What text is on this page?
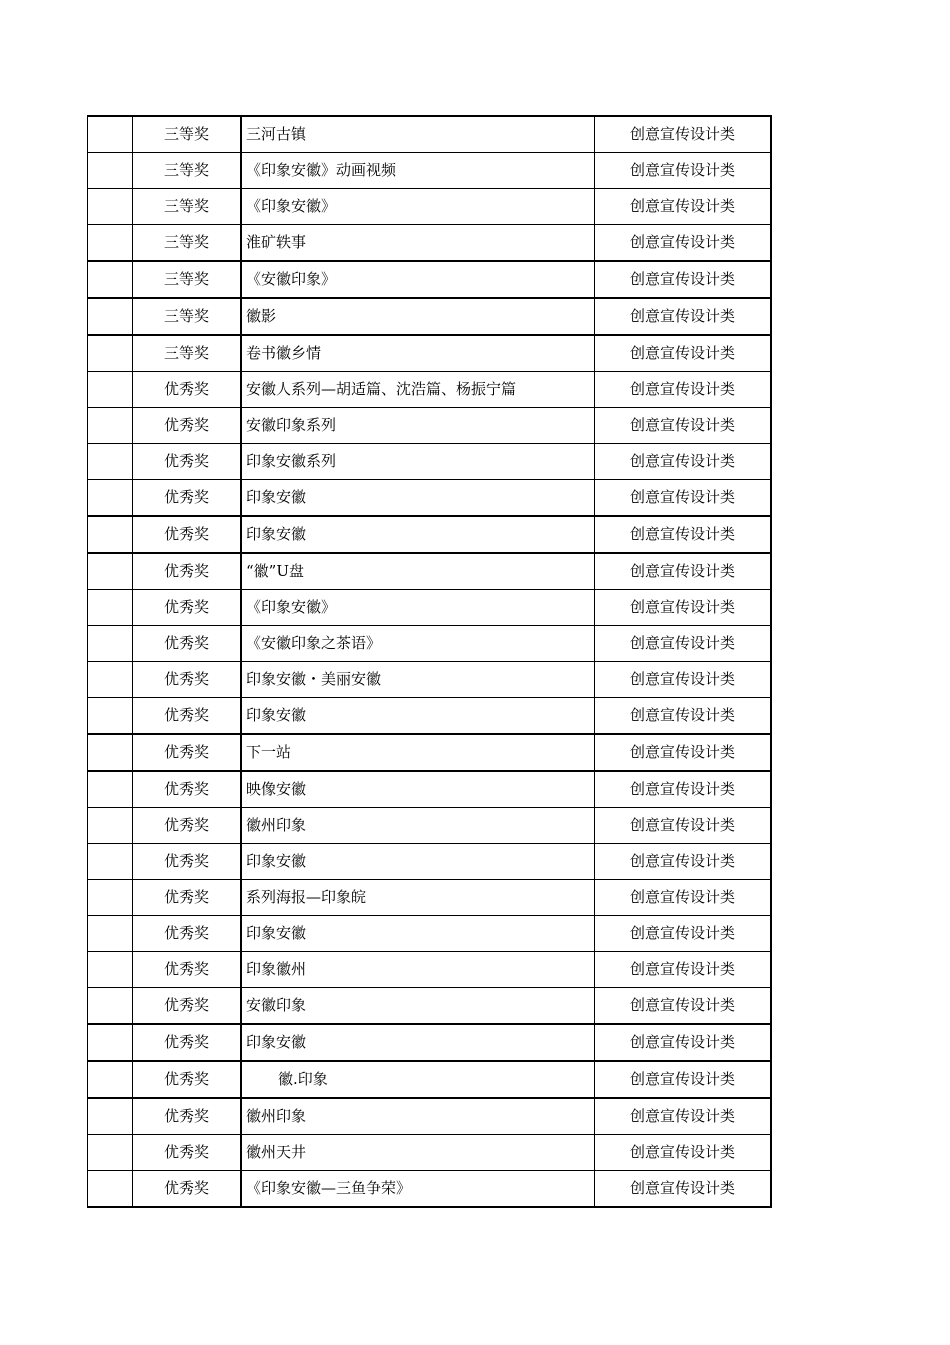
	三等奖	三河古镇	创意宣传设计类
	三等奖	《印象安徽》动画视频	创意宣传设计类
	三等奖	《印象安徽》	创意宣传设计类
	三等奖	淮矿轶事	创意宣传设计类
	三等奖	《安徽印象》	创意宣传设计类
	三等奖	徽影	创意宣传设计类
	三等奖	卷书徽乡情	创意宣传设计类
	优秀奖	安徽人系列—胡适篇、沈浩篇、杨振宁篇	创意宣传设计类
	优秀奖	安徽印象系列	创意宣传设计类
	优秀奖	印象安徽系列	创意宣传设计类
	优秀奖	印象安徽	创意宣传设计类
	优秀奖	印象安徽	创意宣传设计类
	优秀奖	“徽”U盘	创意宣传设计类
	优秀奖	《印象安徽》	创意宣传设计类
	优秀奖	《安徽印象之茶语》	创意宣传设计类
	优秀奖	印象安徽・美丽安徽	创意宣传设计类
	优秀奖	印象安徽	创意宣传设计类
	优秀奖	下一站	创意宣传设计类
	优秀奖	映像安徽	创意宣传设计类
	优秀奖	徽州印象	创意宣传设计类
	优秀奖	印象安徽	创意宣传设计类
	优秀奖	系列海报—印象皖	创意宣传设计类
	优秀奖	印象安徽	创意宣传设计类
	优秀奖	印象徽州	创意宣传设计类
	优秀奖	安徽印象	创意宣传设计类
	优秀奖	印象安徽	创意宣传设计类
	优秀奖	徽.印象	创意宣传设计类
	优秀奖	徽州印象	创意宣传设计类
	优秀奖	徽州天井	创意宣传设计类
	优秀奖	《印象安徽—三鱼争荣》	创意宣传设计类
